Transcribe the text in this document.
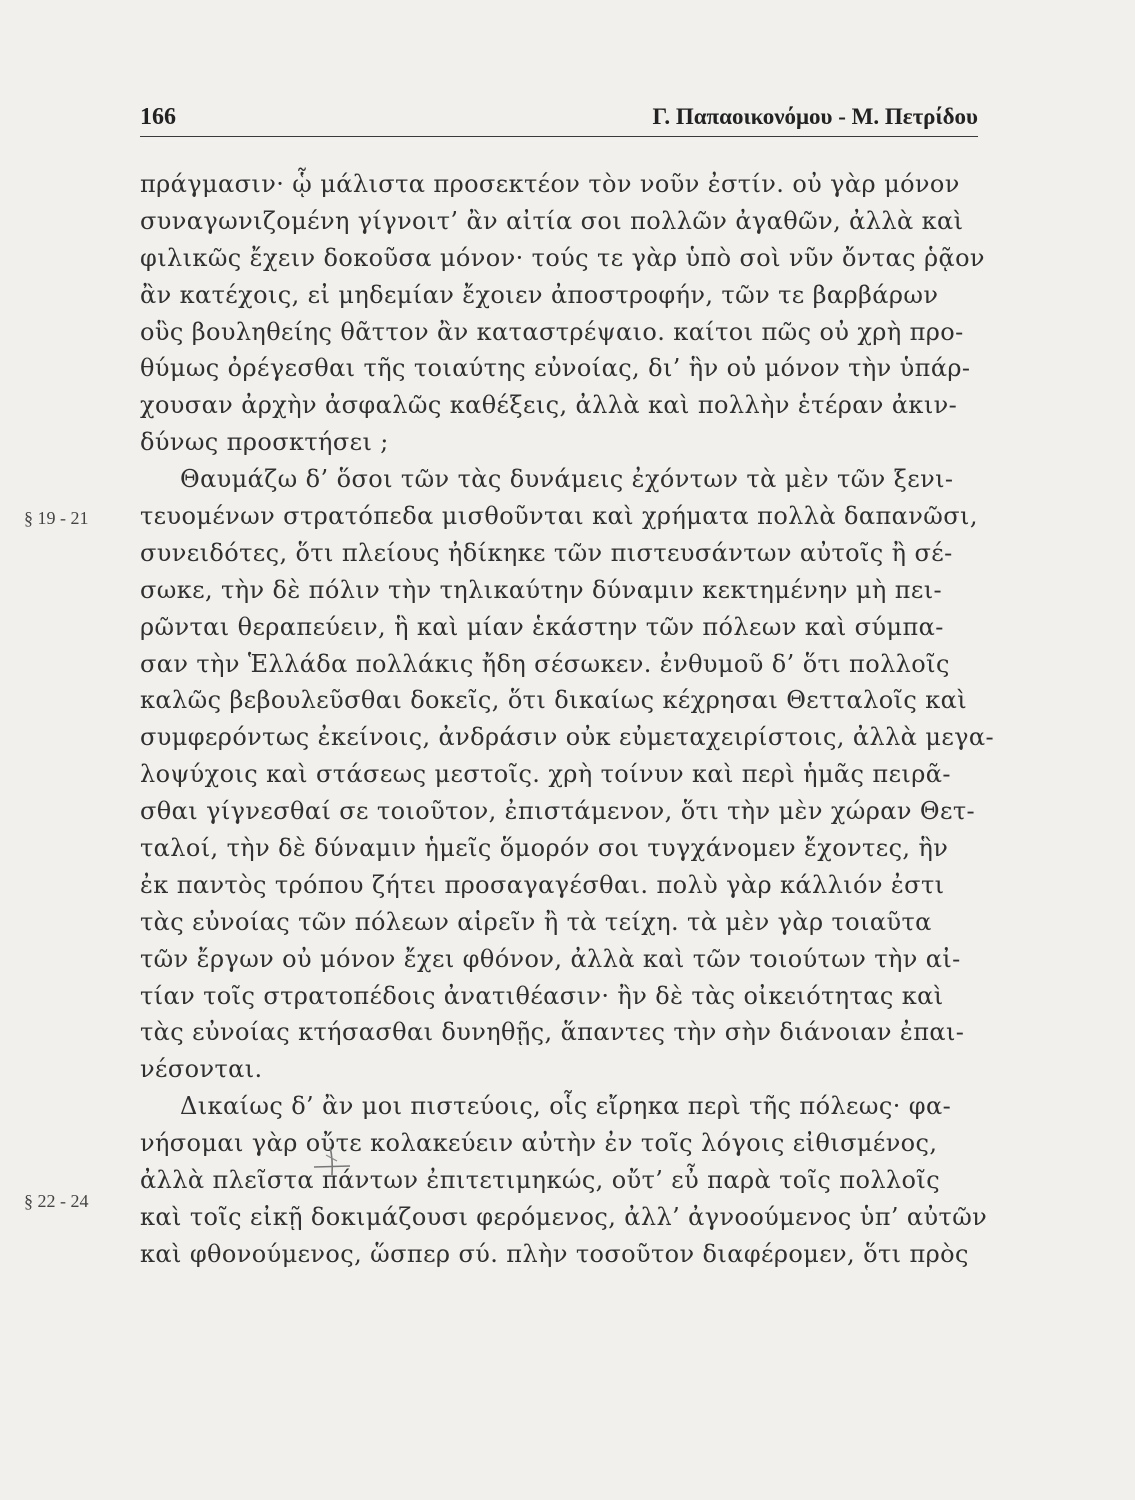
166	Γ. Παπαοικονόμου - Μ. Πετρίδου
§ 19 - 21
§ 22 - 24
πράγμασιν· ᾧ μάλιστα προσεκτέον τὸν νοῦν ἐστίν. οὐ γὰρ μόνον
συναγωνιζομένη γίγνοιτ’ ἂν αἰτία σοι πολλῶν ἀγαθῶν, ἀλλὰ καὶ
φιλικῶς ἔχειν δοκοῦσα μόνον· τούς τε γὰρ ὑπὸ σοὶ νῦν ὄντας ῥᾷον
ἂν κατέχοις, εἰ μηδεμίαν ἔχοιεν ἀποστροφήν, τῶν τε βαρβάρων
οὓς βουληθείης θᾶττον ἂν καταστρέψαιο. καίτοι πῶς οὐ χρὴ προ-
θύμως ὀρέγεσθαι τῆς τοιαύτης εὐνοίας, δι’ ἣν οὐ μόνον τὴν ὑπάρ-
χουσαν ἀρχὴν ἀσφαλῶς καθέξεις, ἀλλὰ καὶ πολλὴν ἑτέραν ἀκιν-
δύνως προσκτήσει ;
Θαυμάζω δ’ ὅσοι τῶν τὰς δυνάμεις ἐχόντων τὰ μὲν τῶν ξενι-
τευομένων στρατόπεδα μισθοῦνται καὶ χρήματα πολλὰ δαπανῶσι,
συνειδότες, ὅτι πλείους ἠδίκηκε τῶν πιστευσάντων αὐτοῖς ἢ σέ-
σωκε, τὴν δὲ πόλιν τὴν τηλικαύτην δύναμιν κεκτημένην μὴ πει-
ρῶνται θεραπεύειν, ἣ καὶ μίαν ἑκάστην τῶν πόλεων καὶ σύμπα-
σαν τὴν Ἑλλάδα πολλάκις ἤδη σέσωκεν. ἐνθυμοῦ δ’ ὅτι πολλοῖς
καλῶς βεβουλεῦσθαι δοκεῖς, ὅτι δικαίως κέχρησαι Θετταλοῖς καὶ
συμφερόντως ἐκείνοις, ἀνδράσιν οὐκ εὐμεταχειρίστοις, ἀλλὰ μεγα-
λοψύχοις καὶ στάσεως μεστοῖς. χρὴ τοίνυν καὶ περὶ ἡμᾶς πειρᾶ-
σθαι γίγνεσθαί σε τοιοῦτον, ἐπιστάμενον, ὅτι τὴν μὲν χώραν Θετ-
ταλοί, τὴν δὲ δύναμιν ἡμεῖς ὅμορόν σοι τυγχάνομεν ἔχοντες, ἣν
ἐκ παντὸς τρόπου ζήτει προσαγαγέσθαι. πολὺ γὰρ κάλλιόν ἐστι
τὰς εὐνοίας τῶν πόλεων αἱρεῖν ἢ τὰ τείχη. τὰ μὲν γὰρ τοιαῦτα
τῶν ἔργων οὐ μόνον ἔχει φθόνον, ἀλλὰ καὶ τῶν τοιούτων τὴν αἰ-
τίαν τοῖς στρατοπέδοις ἀνατιθέασιν· ἢν δὲ τὰς οἰκειότητας καὶ
τὰς εὐνοίας κτήσασθαι δυνηθῇς, ἅπαντες τὴν σὴν διάνοιαν ἐπαι-
νέσονται.
Δικαίως δ’ ἂν μοι πιστεύοις, οἷς εἴρηκα περὶ τῆς πόλεως· φα-
νήσομαι γὰρ οὔτε κολακεύειν αὐτὴν ἐν τοῖς λόγοις εἰθισμένος,
ἀλλὰ πλεῖστα πάντων ἐπιτετιμηκώς, οὔτ’ εὖ παρὰ τοῖς πολλοῖς
καὶ τοῖς εἰκῇ δοκιμάζουσι φερόμενος, ἀλλ’ ἀγνοούμενος ὑπ’ αὐτῶν
καὶ φθονούμενος, ὥσπερ σύ. πλὴν τοσοῦτον διαφέρομεν, ὅτι πρὸς
